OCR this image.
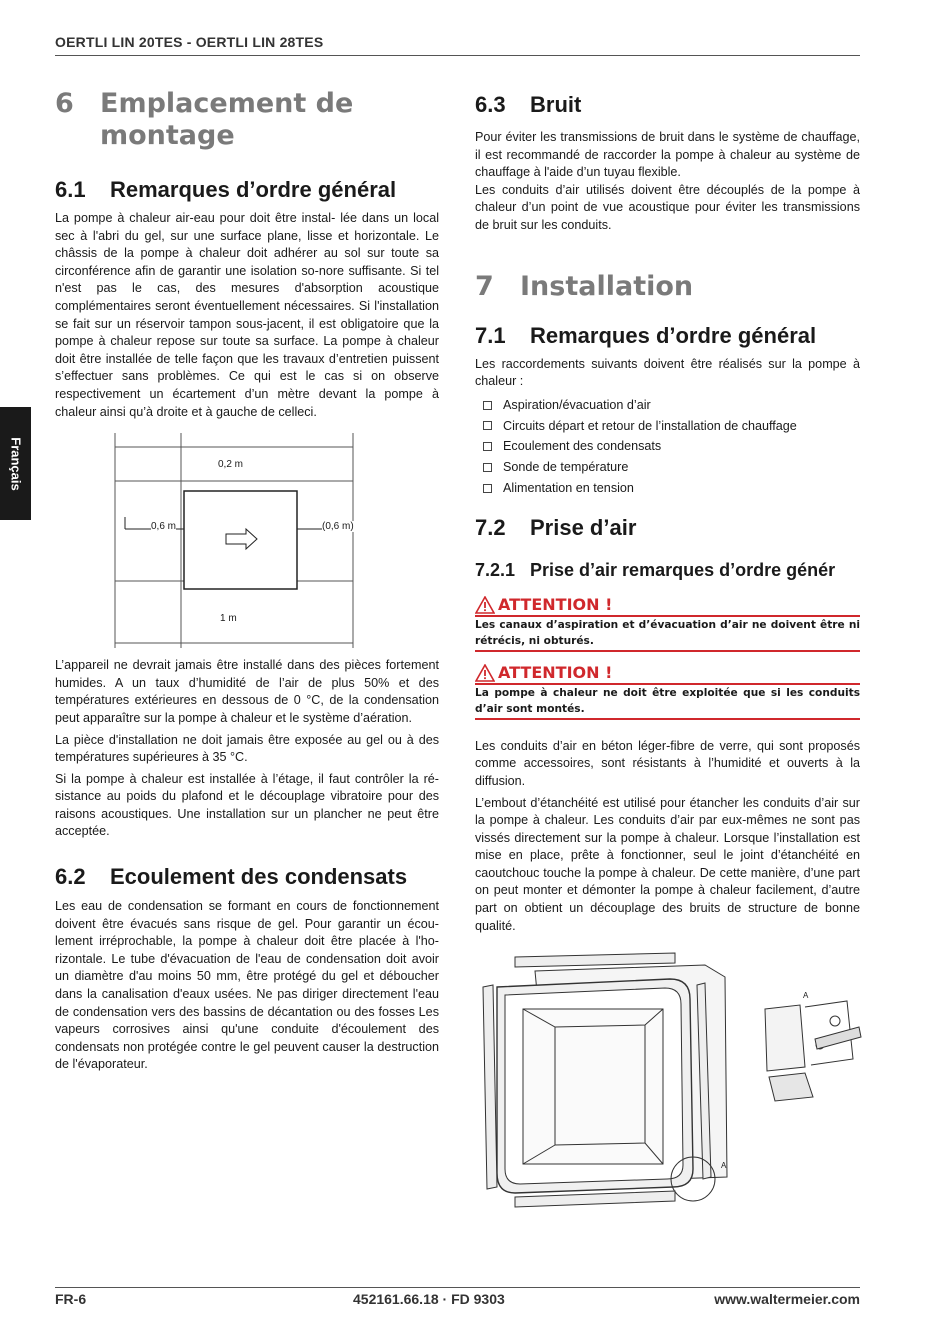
OERTLI LIN 20TES - OERTLI LIN 28TES
Français
6 Emplacement de
montage
6.1	Remarques d’ordre général

La pompe à chaleur air-eau pour doit être instal- lée dans un local sec à l'abri du gel, sur une surface plane, lisse et horizontale. Le châssis de la pompe à chaleur doit adhérer au sol sur toute sa circonférence afin de garantir une isolation so-nore suffisante. Si tel n'est pas le cas, des mesures d'absorption acoustique complémentaires seront éventuellement nécessaires. Si l'installation se fait sur un réservoir tampon sous-jacent, il est obligatoire que la pompe à chaleur repose sur toute sa surface. La pompe à chaleur doit être installée de telle façon que les travaux d’entretien puissent s’effectuer sans problèmes. Ce qui est le cas si on observe respectivement un écartement d’un mètre devant la pompe à chaleur ainsi qu’à droite et à gauche de celleci.

0,2 m
0,6 m	(0,6 m)
1 m

L’appareil ne devrait jamais être installé dans des pièces fortement humides. A un taux d’humidité de l’air de plus 50% et des températures extérieures en dessous de 0 °C, de la condensation peut apparaître sur la pompe à chaleur et le système d’aération.

La pièce d'installation ne doit jamais être exposée au gel ou à des températures supérieures à 35 °C.

Si la pompe à chaleur est installée à l’étage, il faut contrôler la résistance au poids du plafond et le découplage vibratoire pour des raisons acoustiques. Une installation sur un plancher ne peut être acceptée.

6.2	Ecoulement des condensats

Les eau de condensation se formant en cours de fonctionnement doivent être évacués sans risque de gel. Pour garantir un écoulement irréprochable, la pompe à chaleur doit être placée à l'horizontale. Le tube d'évacuation de l'eau de condensation doit avoir un diamètre d'au moins 50 mm, être protégé du gel et déboucher dans la canalisation d'eaux usées. Ne pas diriger directement l'eau de condensation vers des bassins de décantation ou des fosses Les vapeurs corrosives ainsi qu'une conduite d'écoulement des condensats non protégée contre le gel peuvent causer la destruction de l'évaporateur.

6.3	Bruit

Pour éviter les transmissions de bruit dans le système de chauffage, il est recommandé de raccorder la pompe à chaleur au système de chauffage à l'aide d’un tuyau flexible.

Les conduits d’air utilisés doivent être découplés de la pompe à chaleur d’un point de vue acoustique pour éviter les transmissions de bruit sur les conduits.

7 Installation
7.1	Remarques d’ordre général

Les raccordements suivants doivent être réalisés sur la pompe à chaleur :

Aspiration/évacuation d’air
Circuits départ et retour de l’installation de chauffage
Ecoulement des condensats
Sonde de température
Alimentation en tension
7.2	Prise d’air
7.2.1 Prise d’air remarques d’ordre génér
ATTENTION !
Les canaux d’aspiration et d’évacuation d’air ne doivent être ni rétrécis, ni obturés.
ATTENTION !
La pompe à chaleur ne doit être exploitée que si les conduits d’air sont montés.

Les conduits d’air en béton léger-fibre de verre, qui sont proposés comme accessoires, sont résistants à l’humidité et ouverts à la diffusion.

L’embout d’étanchéité est utilisé pour étancher les conduits d’air sur la pompe à chaleur. Les conduits d’air par eux-mêmes ne sont pas vissés directement sur la pompe à chaleur. Lorsque l’installation est mise en place, prête à fonctionner, seul le joint d’étanchéité en caoutchouc touche la pompe à chaleur. De cette manière, d’une part on peut monter et démonter la pompe à chaleur facilement, d’autre part on obtient un découplage des bruits de structure de bonne qualité.

A
A
FR-6	452161.66.18 · FD 9303	www.waltermeier.com
